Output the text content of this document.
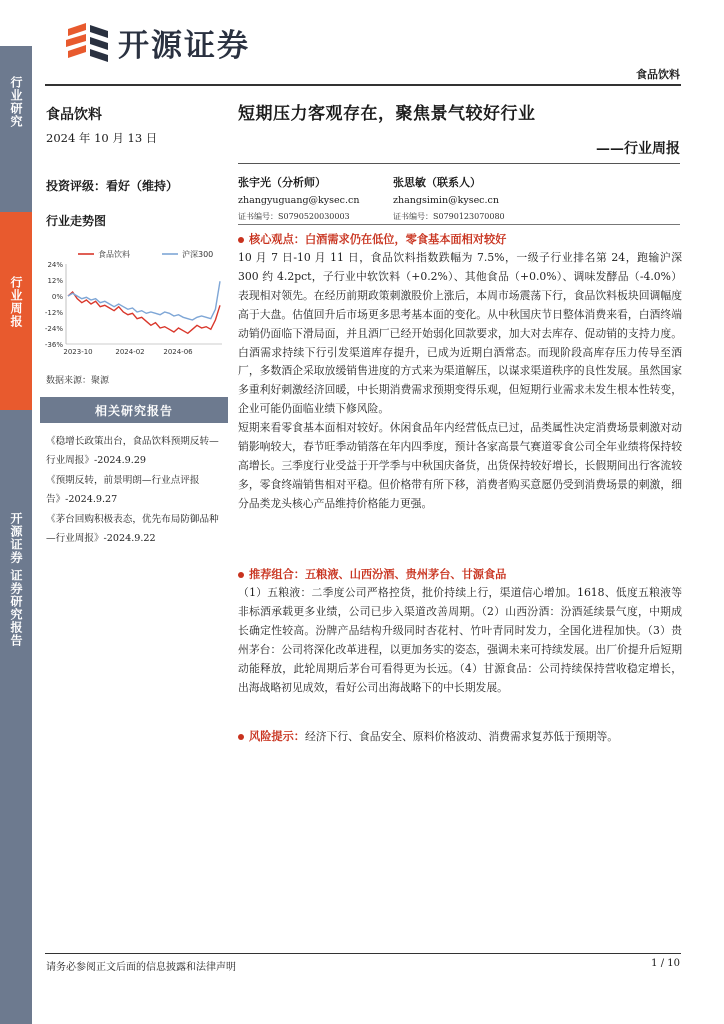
行业研究
行业周报
开源证券 证券研究报告
开源证券
食品饮料
食品饮料
2024 年 10 月 13 日
投资评级：看好（维持）
行业走势图
食品饮料	沪深300
24%
12%
0%
-12%
-24%
-36%
2023-10	2024-02	2024-06
数据来源：聚源
相关研究报告
《稳增长政策出台，食品饮料预期反转—行业周报》-2024.9.29
《预期反转，前景明朗—行业点评报告》-2024.9.27
《茅台回购积极表态，优先布局防御品种—行业周报》-2024.9.22
短期压力客观存在，聚焦景气较好行业
——行业周报
张宇光（分析师）
zhangyuguang@kysec.cn
证书编号：S0790520030003
张思敏（联系人）
zhangsimin@kysec.cn
证书编号：S0790123070080
核心观点：白酒需求仍在低位，零食基本面相对较好

10 月 7 日-10 月 11 日，食品饮料指数跌幅为 7.5%，一级子行业排名第 24，跑输沪深 300 约 4.2pct，子行业中软饮料（+0.2%）、其他食品（+0.0%）、调味发酵品（-4.0%）表现相对领先。在经历前期政策刺激股价上涨后，本周市场震荡下行，食品饮料板块回调幅度高于大盘。估值回升后市场更多思考基本面的变化。从中秋国庆节日整体消费来看，白酒终端动销仍面临下滑局面，并且酒厂已经开始弱化回款要求，加大对去库存、促动销的支持力度。白酒需求持续下行引发渠道库存提升，已成为近期白酒常态。而现阶段高库存压力传导至酒厂，多数酒企采取放缓销售进度的方式来为渠道解压，以谋求渠道秩序的良性发展。虽然国家多重利好刺激经济回暖，中长期消费需求预期变得乐观，但短期行业需求未发生根本性转变，企业可能仍面临业绩下修风险。

短期来看零食基本面相对较好。休闲食品年内经营低点已过，品类属性决定消费场景刺激对动销影响较大，春节旺季动销落在年内四季度，预计各家高景气赛道零食公司全年业绩将保持较高增长。三季度行业受益于开学季与中秋国庆备货，出货保持较好增长，长假期间出行客流较多，零食终端销售相对平稳。但价格带有所下移，消费者购买意愿仍受到消费场景的刺激，细分品类龙头核心产品维持价格能力更强。

推荐组合：五粮液、山西汾酒、贵州茅台、甘源食品

（1）五粮液：二季度公司严格控货，批价持续上行，渠道信心增加。1618、低度五粮液等非标酒承载更多业绩，公司已步入渠道改善周期。（2）山西汾酒：汾酒延续景气度，中期成长确定性较高。汾牌产品结构升级同时杏花村、竹叶青同时发力，全国化进程加快。（3）贵州茅台：公司将深化改革进程，以更加务实的姿态，强调未来可持续发展。出厂价提升后短期动能释放，此轮周期后茅台可看得更为长远。（4）甘源食品：公司持续保持营收稳定增长，出海战略初见成效，看好公司出海战略下的中长期发展。

风险提示：经济下行、食品安全、原料价格波动、消费需求复苏低于预期等。
请务必参阅正文后面的信息披露和法律声明	1 / 10
